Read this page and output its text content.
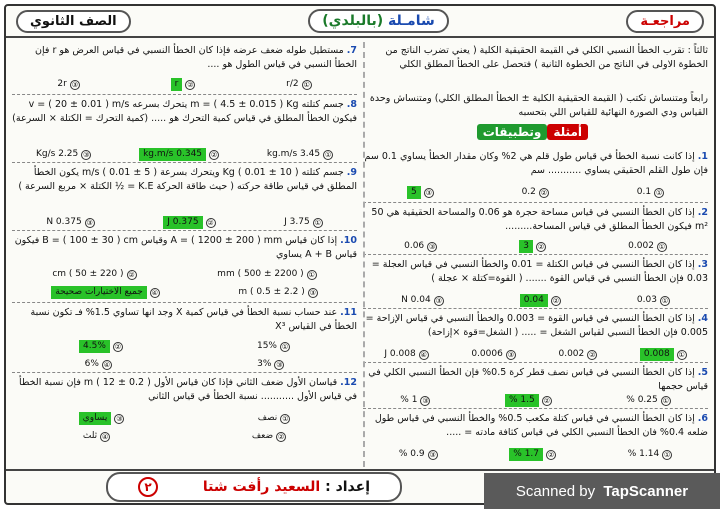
الصف الثانوي	شامـلة (بالبلدي)	مراجعـة
ثالثاً : تقرب الخطأ النسبي الكلي في القيمة الحقيقية الكلية ( يعني تضرب الناتج من الخطوة الاولى في الناتج من الخطوة الثانية ) فتحصل على الخطأ المطلق الكلي
رابعاً ومتنساش تكتب ( القيمة الحقيقية الكلية ± الخطأ المطلق الكلي) ومتنساش وحدة القياس ودي الصورة النهائية للقياس اللي بتحسبه
أمثلةوتطبيقات
1.إذا كانت نسبة الخطأ في قياس طول قلم هي 2% وكان مقدار الخطأ يساوي 0.1 سم فإن طول القلم الحقيقي يساوي ........... سم
①
0.1
②
0.2
③
5
2.إذا كان الخطأ النسبي في قياس مساحة حجرة هو 0.06 والمساحة الحقيقية هي 50 m² فيكون الخطأ المطلق في قياس المساحة.........
①
0.002
②
3
③
0.06
3.إذا كان الخطأ النسبي في قياس الكتلة = 0.01 والخطأ النسبي في قياس العجلة = 0.03 فإن الخطأ النسبي في قياس القوة ....... ( القوة=كتلة × عجلة )
①
0.03
②
0.04
③
0.04 N
4.إذا كان الخطأ النسبي في قياس القوة = 0.003 والخطأ النسبي في قياس الإزاحة = 0.005 فإن الخطأ النسبي لقياس الشغل = ..... ( الشغل=قوة ×إزاحة)
①
0.008
②
0.002
③
0.0006
④
0.008 J
5.إذا كان الخطأ النسبي في قياس نصف قطر كرة 0.5% فإن الخطأ النسبي الكلي في قياس حجمها
①
0.25 %
②
1.5 %
③
1 %
6.إذا كان الخطأ النسبي في قياس كتلة مكعب 0.5% والخطأ النسبي في قياس طول ضلعه 0.4% فان الخطأ النسبي الكلي في قياس كثافة مادته = .....
①
1.14 %
②
1.7 %
③
0.9 %
7.مستطيل طوله ضعف عرضه فإذا كان الخطأ النسبي في قياس العرض هو r فإن الخطأ النسبي في قياس الطول هو ....
①
r/2
②
r
③
2r
8.جسم كتلته m = ( 4.5 ± 0.015 ) Kg يتحرك بسرعه v = ( 20 ± 0.01 ) m/s فيكون الخطأ المطلق في قياس كمية التحرك هو ..... (كمية التحرك = الكتلة × السرعة)
①
3.45 kg.m/s
②
0.345 kg.m/s
③
2.25 Kg/s
9.جسم كتلته ( 10 ± 0.01 ) Kg ويتحرك بسرعة ( 5 ± 0.01 ) m/s يكون الخطأ المطلق في قياس طاقة حركته ( حيث طاقة الحركة K.E = ½ الكتلة × مربع السرعة )
①
3.75 J
②
0.375 J
③
0.375 N
10.إذا كان قياس A = ( 1200 ± 200 ) mm وقياس B = ( 100 ± 30 ) cm فيكون قياس A + B يساوي
①
( 2200 ± 500 ) mm
②
( 220 ± 50 ) cm
③
( 2.2 ± 0.5 ) m
④
جميع الاختيارات صحيحة
11.عند حساب نسبة الخطأ في قياس كمية X وجد انها تساوي 1.5% فـ تكون نسبة الخطأ في القياس X³
①
15%
②
4.5%
③
3%
④
6%
12.قياسان الأول ضعف الثاني فإذا كان قياس الأول m ( 12 ± 0.2 ) فإن نسبة الخطأ في قياس الأول ........... نسبة الخطأ في قياس الثاني
①
نصف
③
يساوي
②
ضعف
④
ثلث
إعداد : السعيد رأفت شتا ٢	Scanned by
TapScanner
